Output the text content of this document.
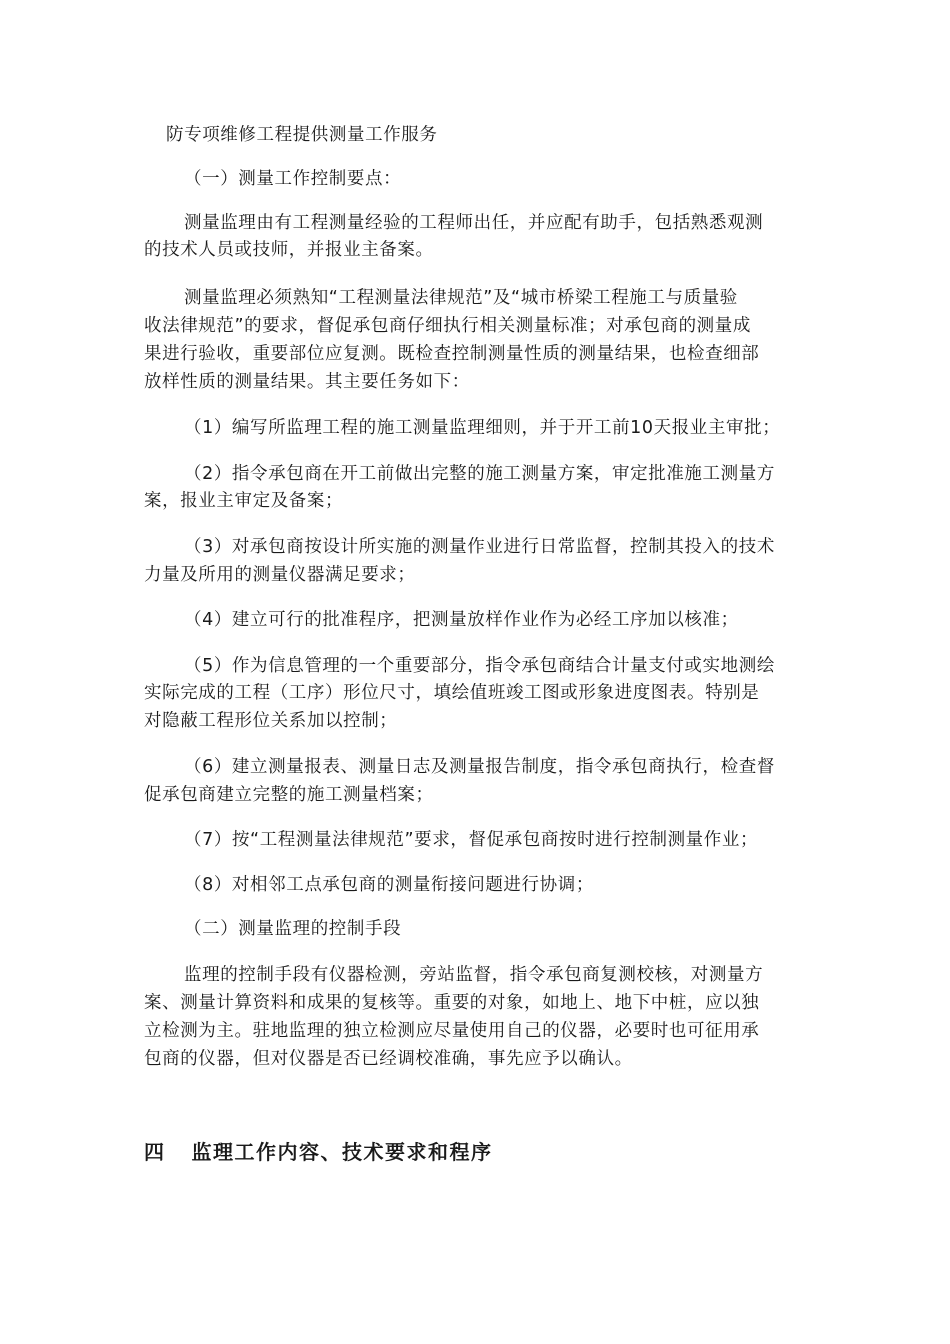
防专项维修工程提供测量工作服务
（一）测量工作控制要点：
测量监理由有工程测量经验的工程师出任，并应配有助手，包括熟悉观测
的技术人员或技师，并报业主备案。
测量监理必须熟知“工程测量法律规范”及“城市桥梁工程施工与质量验
收法律规范”的要求，督促承包商仔细执行相关测量标准；对承包商的测量成
果进行验收，重要部位应复测。既检查控制测量性质的测量结果，也检查细部
放样性质的测量结果。其主要任务如下：
（1）编写所监理工程的施工测量监理细则，并于开工前10天报业主审批；
（2）指令承包商在开工前做出完整的施工测量方案，审定批准施工测量方
案，报业主审定及备案；
（3）对承包商按设计所实施的测量作业进行日常监督，控制其投入的技术
力量及所用的测量仪器满足要求；
（4）建立可行的批准程序，把测量放样作业作为必经工序加以核准；
（5）作为信息管理的一个重要部分，指令承包商结合计量支付或实地测绘
实际完成的工程（工序）形位尺寸，填绘值班竣工图或形象进度图表。特别是
对隐蔽工程形位关系加以控制；
（6）建立测量报表、测量日志及测量报告制度，指令承包商执行，检查督
促承包商建立完整的施工测量档案；
（7）按“工程测量法律规范”要求，督促承包商按时进行控制测量作业；
（8）对相邻工点承包商的测量衔接问题进行协调；
（二）测量监理的控制手段
监理的控制手段有仪器检测，旁站监督，指令承包商复测校核，对测量方
案、测量计算资料和成果的复核等。重要的对象，如地上、地下中桩，应以独
立检测为主。驻地监理的独立检测应尽量使用自己的仪器，必要时也可征用承
包商的仪器，但对仪器是否已经调校准确，事先应予以确认。
四 监理工作内容、技术要求和程序
